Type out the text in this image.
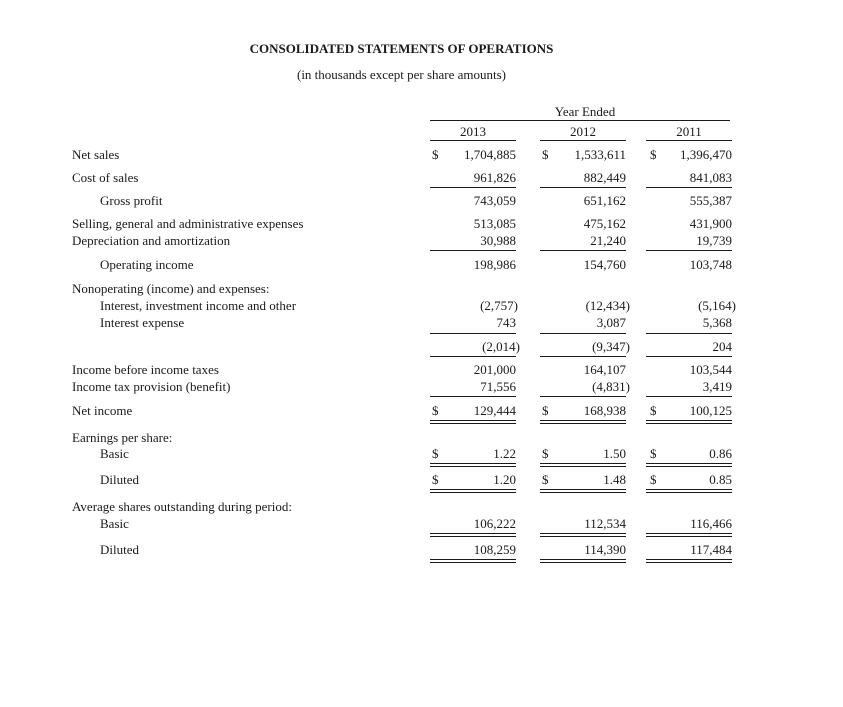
CONSOLIDATED STATEMENTS OF OPERATIONS
(in thousands except per share amounts)
Year Ended
2013	2012	2011
Net sales	$	1,704,885 $	1,533,611 $	1,396,470
Cost of sales	961,826	882,449	841,083
Gross profit	743,059	651,162	555,387
Selling, general and administrative expenses	513,085	475,162	431,900
Depreciation and amortization	30,988	21,240	19,739
Operating income	198,986	154,760	103,748
Nonoperating (income) and expenses:
Interest, investment income and other	(2,757)	(12,434)	(5,164)
Interest expense	743	3,087	5,368
(2,014)	(9,347)	204
Income before income taxes	201,000	164,107	103,544
Income tax provision (benefit)	71,556	(4,831)	3,419
Net income	$	129,444 $	168,938 $	100,125
Earnings per share:
Basic	$	1.22 $	1.50 $	0.86
Diluted	$	1.20 $	1.48 $	0.85
Average shares outstanding during period:
Basic	106,222	112,534	116,466
Diluted	108,259	114,390	117,484
